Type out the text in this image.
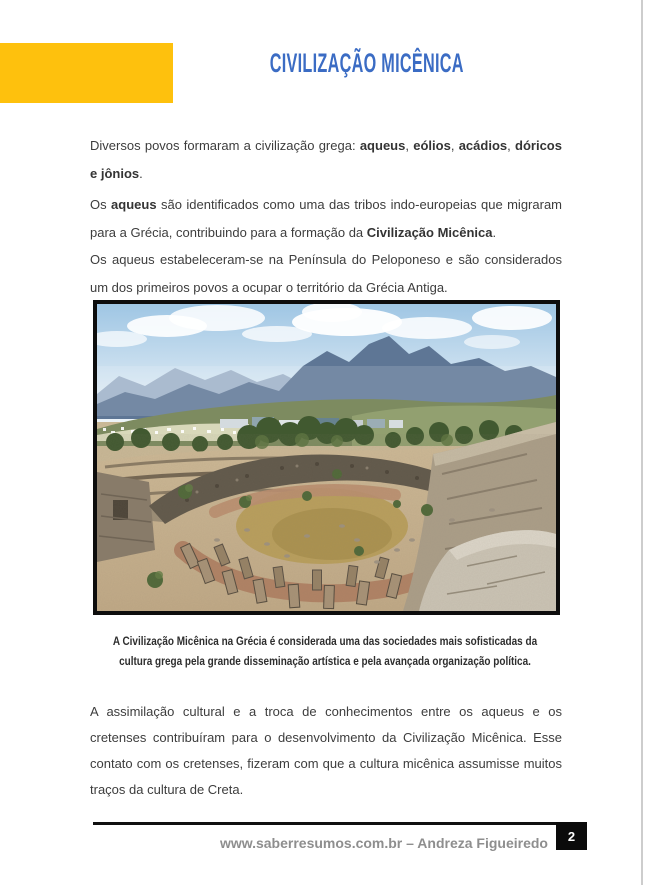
CIVILIZAÇÃO MICÊNICA
Diversos povos formaram a civilização grega: aqueus, eólios, acádios, dóricos
e jônios.
Os aqueus são identificados como uma das tribos indo-europeias que migraram
para a Grécia, contribuindo para a formação da Civilização Micênica.
Os aqueus estabeleceram-se na Península do Peloponeso e são considerados
um dos primeiros povos a ocupar o território da Grécia Antiga.
A Civilização Micênica na Grécia é considerada uma das sociedades mais sofisticadas da
cultura grega pela grande disseminação artística e pela avançada organização política.
A assimilação cultural e a troca de conhecimentos entre os aqueus e os
cretenses contribuíram para o desenvolvimento da Civilização Micênica. Esse
contato com os cretenses, fizeram com que a cultura micênica assumisse muitos
traços da cultura de Creta.
www.saberresumos.com.br – Andreza Figueiredo 2
